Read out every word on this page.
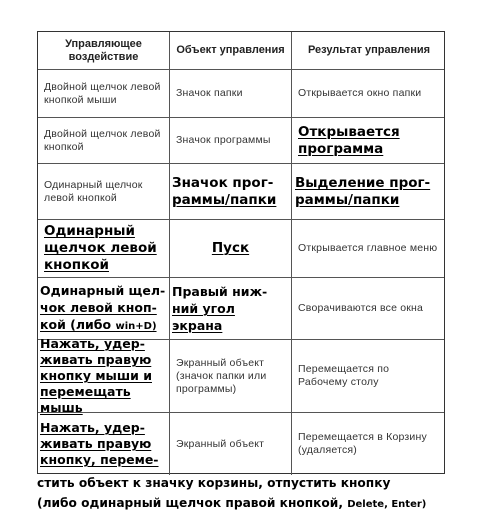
Управляющее воздействие
Объект управления Результат управления
Двойной щелчок левой кнопкой мыши
Значок папки	Открывается окно папки
Двойной щелчок левой кнопкой
Значок программы
Открывается
программа
Одинарный щелчок левой кнопкой
Значок прог-
раммы/папки
Выделение прог-
раммы/папки
Одинарный
щелчок левой
кнопкой
Пуск	Открывается главное меню
Одинарный щел-
чок левой кноп-
кой (либо win+D)
Правый ниж-
ний угол экрана
Сворачиваются все окна
Нажать, удер-
живать правую
кнопку мыши и
перемещать мышь
Экранный объект (значок папки или программы)
Перемещается по Рабочему столу
Нажать, удер-
живать правую
кнопку, переме-
Экранный объект
Перемещается в Корзину (удаляется)
стить объект к значку корзины, отпустить кнопку
(либо одинарный щелчок правой кнопкой, Delete, Enter)
